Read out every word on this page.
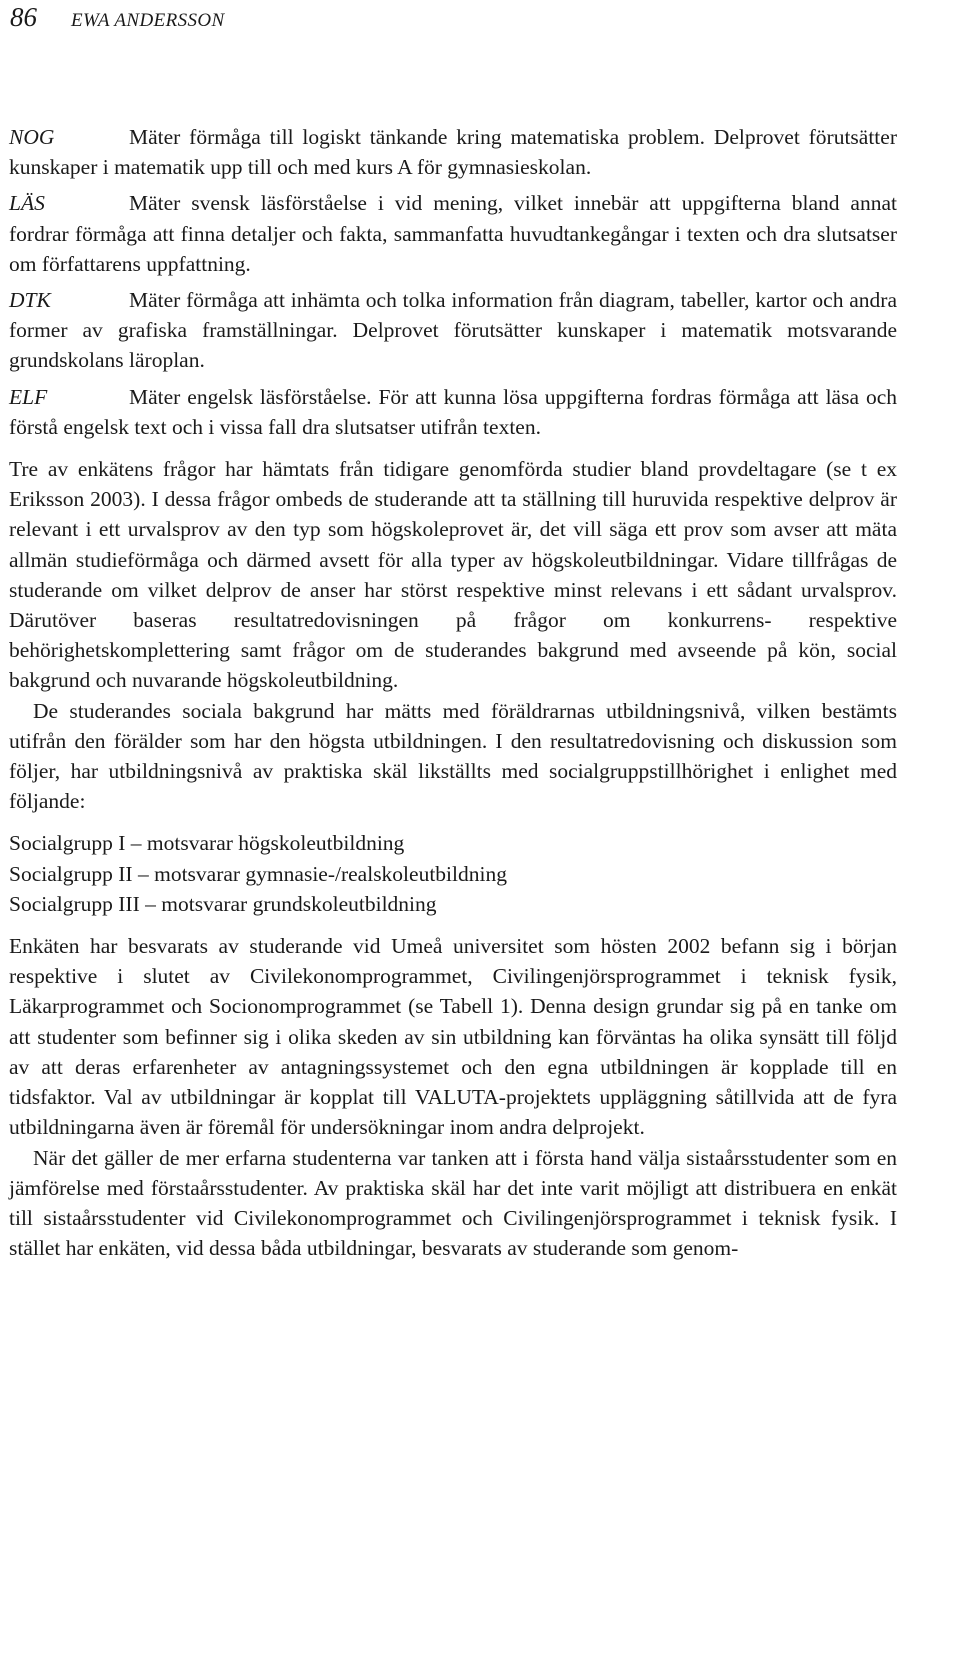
86 EWA ANDERSSON

NOG	Mäter förmåga till logiskt tänkande kring matematiska problem. Delprovet förutsätter kunskaper i matematik upp till och med kurs A för gymnasieskolan.

LÄS	Mäter svensk läsförståelse i vid mening, vilket innebär att uppgifterna bland annat fordrar förmåga att finna detaljer och fakta, sammanfatta huvudtankegångar i texten och dra slutsatser om författarens uppfattning.

DTK	Mäter förmåga att inhämta och tolka information från diagram, tabeller, kartor och andra former av grafiska framställningar. Delprovet förutsätter kunskaper i matematik motsvarande grundskolans läroplan.

ELF	Mäter engelsk läsförståelse. För att kunna lösa uppgifterna fordras förmåga att läsa och förstå engelsk text och i vissa fall dra slutsatser utifrån texten.

Tre av enkätens frågor har hämtats från tidigare genomförda studier bland provdeltagare (se t ex Eriksson 2003). I dessa frågor ombeds de studerande att ta ställning till huruvida respektive delprov är relevant i ett urvalsprov av den typ som högskoleprovet är, det vill säga ett prov som avser att mäta allmän studieförmåga och därmed avsett för alla typer av högskoleutbildningar. Vidare tillfrågas de studerande om vilket delprov de anser har störst respektive minst relevans i ett sådant urvalsprov. Därutöver baseras resultatredovisningen på frågor om konkurrens- respektive behörighetskomplettering samt frågor om de studerandes bakgrund med avseende på kön, social bakgrund och nuvarande högskoleutbildning.

De studerandes sociala bakgrund har mätts med föräldrarnas utbildningsnivå, vilken bestämts utifrån den förälder som har den högsta utbildningen. I den resultatredovisning och diskussion som följer, har utbildningsnivå av praktiska skäl likställts med socialgruppstillhörighet i enlighet med följande:

Socialgrupp I – motsvarar högskoleutbildning
Socialgrupp II – motsvarar gymnasie-/realskoleutbildning
Socialgrupp III – motsvarar grundskoleutbildning

Enkäten har besvarats av studerande vid Umeå universitet som hösten 2002 befann sig i början respektive i slutet av Civilekonomprogrammet, Civilingenjörsprogrammet i teknisk fysik, Läkarprogrammet och Socionomprogrammet (se Tabell 1). Denna design grundar sig på en tanke om att studenter som befinner sig i olika skeden av sin utbildning kan förväntas ha olika synsätt till följd av att deras erfarenheter av antagningssystemet och den egna utbildningen är kopplade till en tidsfaktor. Val av utbildningar är kopplat till VALUTA-projektets uppläggning såtillvida att de fyra utbildningarna även är föremål för undersökningar inom andra delprojekt.

När det gäller de mer erfarna studenterna var tanken att i första hand välja sistaårsstudenter som en jämförelse med förstaårsstudenter. Av praktiska skäl har det inte varit möjligt att distribuera en enkät till sistaårsstudenter vid Civilekonomprogrammet och Civilingenjörsprogrammet i teknisk fysik. I stället har enkäten, vid dessa båda utbildningar, besvarats av studerande som genom-
